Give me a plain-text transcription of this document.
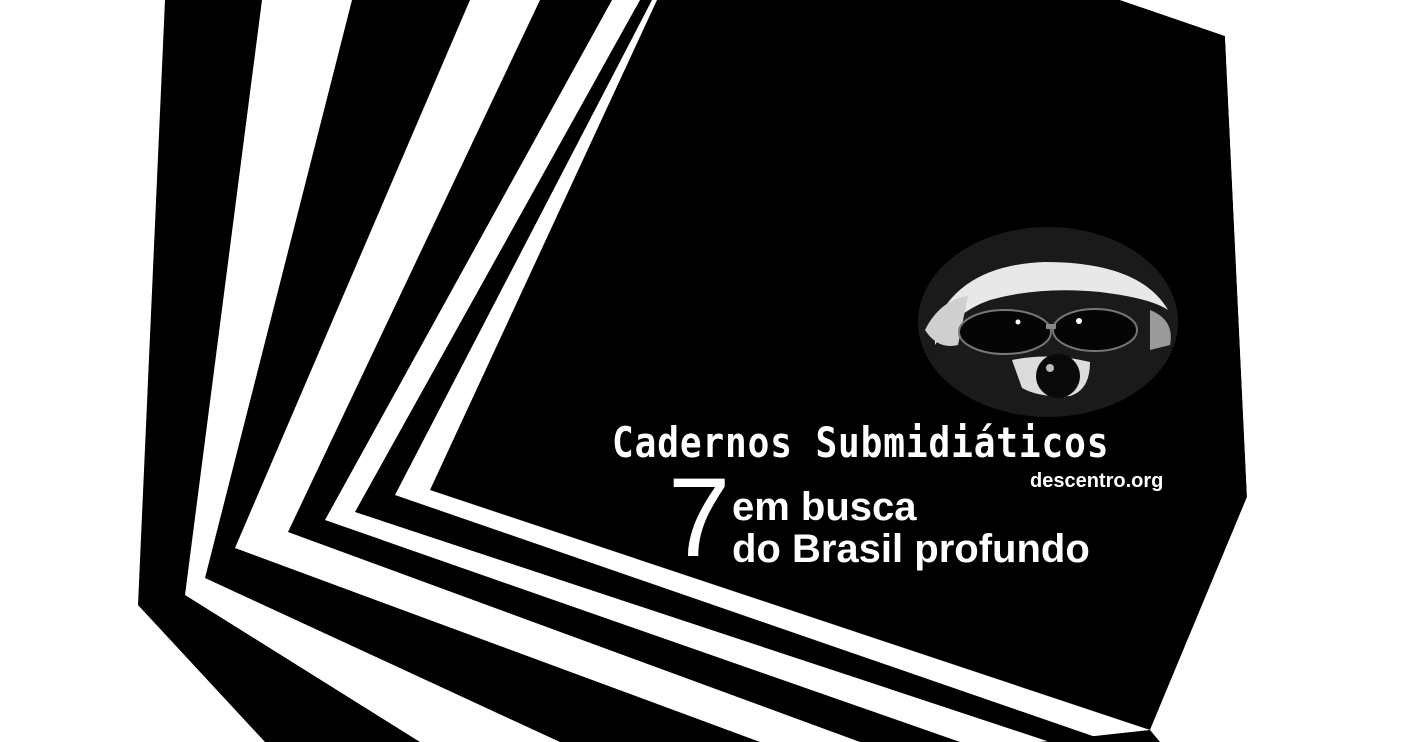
Cadernos Submidiáticos
descentro.org
7 em busca
do Brasil profundo
